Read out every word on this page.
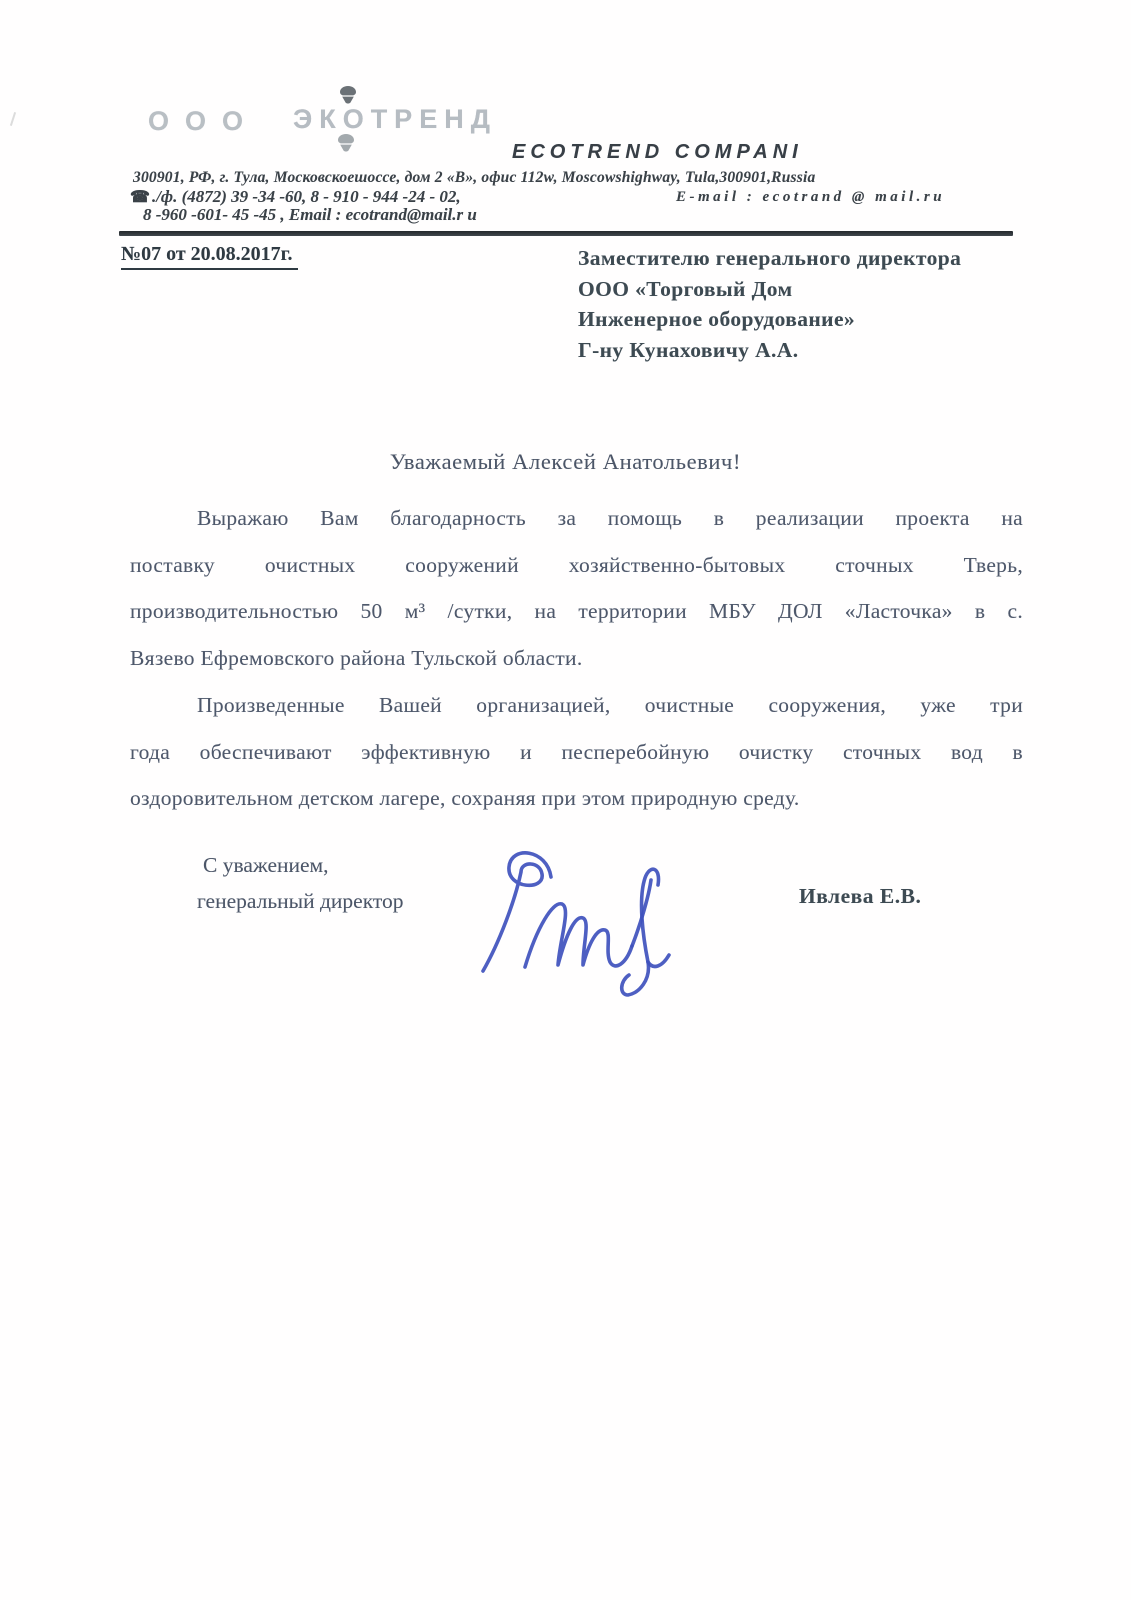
ООО ЭКОТРЕНД
ECOTREND COMPANI
300901, РФ, г. Тула, Московскоешоссе, дом 2 «В», офис 112w, Moscowshighway, Tula,300901,Russia
☎ ./ф. (4872) 39 -34 -60, 8 - 910 - 944 -24 - 02,	E-mail : ecotrand @ mail.ru
8 -960 -601- 45 -45 , Email : ecotrand@mail.r u
№07 от 20.08.2017г.	Заместителю генерального директора
ООО «Торговый Дом
Инженерное оборудование»
Г-ну Кунаховичу А.А.
Уважаемый Алексей Анатольевич!
Выражаю Вам благодарность за помощь в реализации проекта на
поставку очистных сооружений хозяйственно-бытовых сточных Тверь,
производительностью 50 м³ /сутки, на территории МБУ ДОЛ «Ласточка» в с.
Вязево Ефремовского района Тульской области.
Произведенные Вашей организацией, очистные сооружения, уже три
года обеспечивают эффективную и песперебойную очистку сточных вод в
оздоровительном детском лагере, сохраняя при этом природную среду.
С уважением,
генеральный директор	Ивлева Е.В.
